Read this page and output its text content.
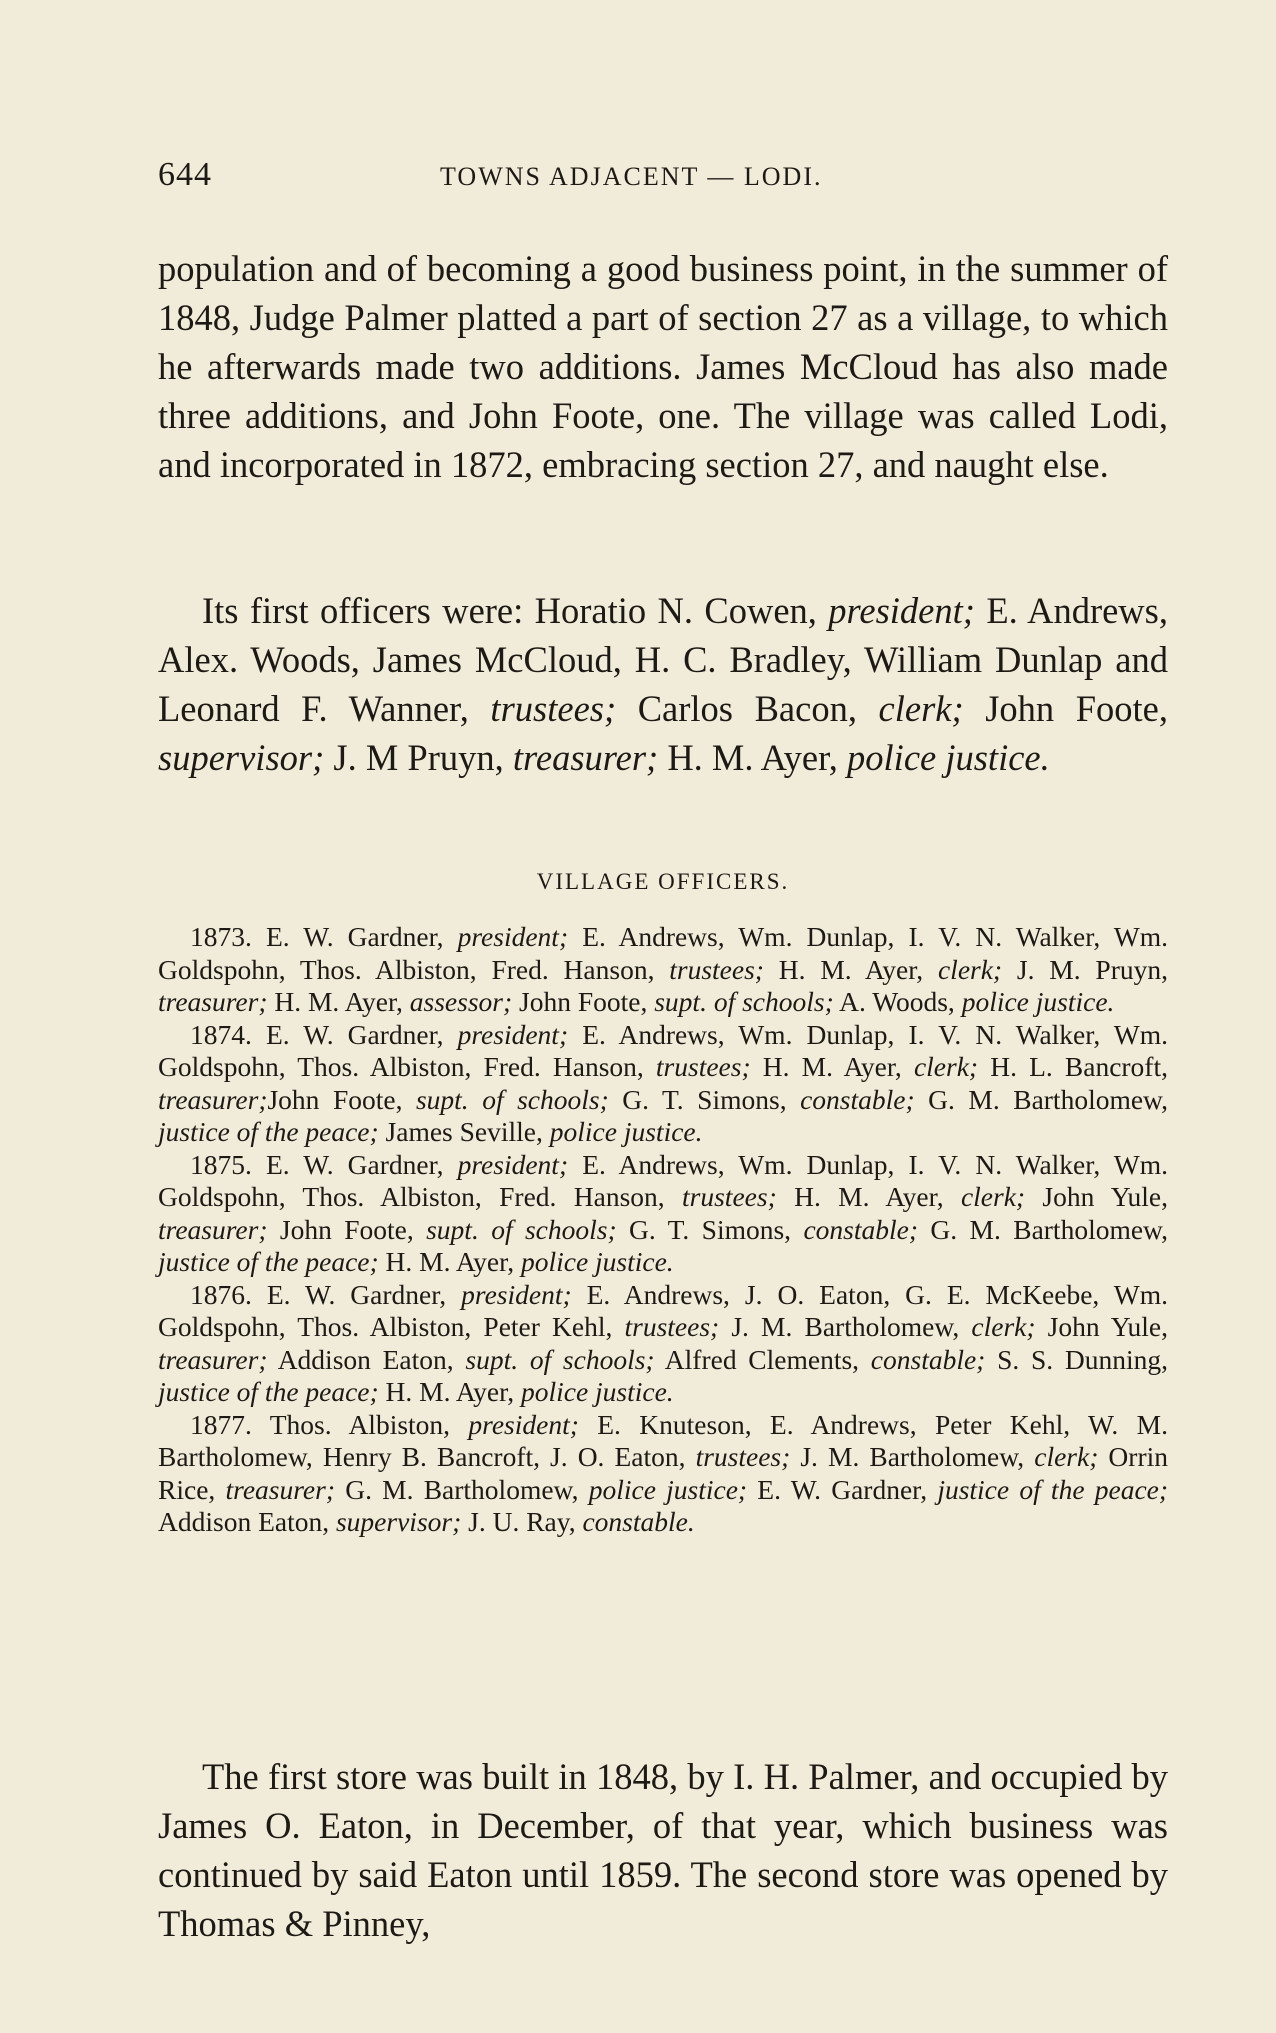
644	TOWNS ADJACENT — LODI.

population and of becoming a good business point, in the summer of 1848, Judge Palmer platted a part of section 27 as a village, to which he afterwards made two additions. James McCloud has also made three additions, and John Foote, one. The village was called Lodi, and incorporated in 1872, embracing section 27, and naught else.

Its first officers were: Horatio N. Cowen, president; E. Andrews, Alex. Woods, James McCloud, H. C. Bradley, William Dunlap and Leonard F. Wanner, trustees; Carlos Bacon, clerk; John Foote, supervisor; J. M Pruyn, treasurer; H. M. Ayer, police justice.

VILLAGE OFFICERS.

1873. E. W. Gardner, president; E. Andrews, Wm. Dunlap, I. V. N. Walker, Wm. Goldspohn, Thos. Albiston, Fred. Hanson, trustees; H. M. Ayer, clerk; J. M. Pruyn, treasurer; H. M. Ayer, assessor; John Foote, supt. of schools; A. Woods, police justice.

1874. E. W. Gardner, president; E. Andrews, Wm. Dunlap, I. V. N. Walker, Wm. Goldspohn, Thos. Albiston, Fred. Hanson, trustees; H. M. Ayer, clerk; H. L. Bancroft, treasurer;John Foote, supt. of schools; G. T. Simons, constable; G. M. Bartholomew, justice of the peace; James Seville, police justice.

1875. E. W. Gardner, president; E. Andrews, Wm. Dunlap, I. V. N. Walker, Wm. Goldspohn, Thos. Albiston, Fred. Hanson, trustees; H. M. Ayer, clerk; John Yule, treasurer; John Foote, supt. of schools; G. T. Simons, constable; G. M. Bartholomew, justice of the peace; H. M. Ayer, police justice.

1876. E. W. Gardner, president; E. Andrews, J. O. Eaton, G. E. McKeebe, Wm. Goldspohn, Thos. Albiston, Peter Kehl, trustees; J. M. Bartholomew, clerk; John Yule, treasurer; Addison Eaton, supt. of schools; Alfred Clements, constable; S. S. Dunning, justice of the peace; H. M. Ayer, police justice.

1877. Thos. Albiston, president; E. Knuteson, E. Andrews, Peter Kehl, W. M. Bartholomew, Henry B. Bancroft, J. O. Eaton, trustees; J. M. Bartholomew, clerk; Orrin Rice, treasurer; G. M. Bartholomew, police justice; E. W. Gardner, justice of the peace; Addison Eaton, supervisor; J. U. Ray, constable.

The first store was built in 1848, by I. H. Palmer, and occupied by James O. Eaton, in December, of that year, which business was continued by said Eaton until 1859. The second store was opened by Thomas & Pinney,
